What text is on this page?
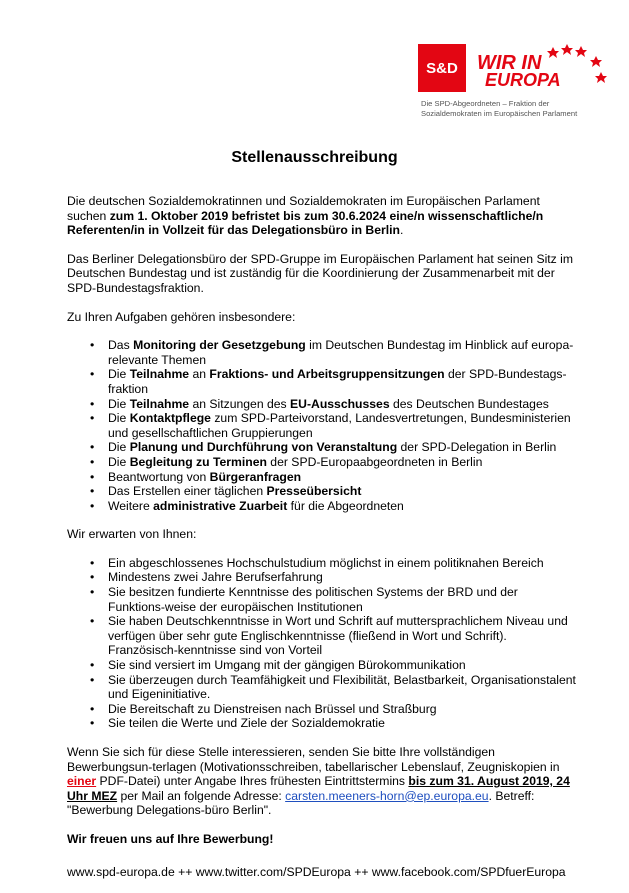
S&D WIR IN
EUROPA
Die SPD-Abgeordneten – Fraktion der
Sozialdemokraten im Europäischen Parlament
Stellenausschreibung

Die deutschen Sozialdemokratinnen und Sozialdemokraten im Europäischen Parlament suchen zum 1. Oktober 2019 befristet bis zum 30.6.2024 eine/n wissenschaftliche/n Referenten/in in Vollzeit für das Delegationsbüro in Berlin.

Das Berliner Delegationsbüro der SPD-Gruppe im Europäischen Parlament hat seinen Sitz im Deutschen Bundestag und ist zuständig für die Koordinierung der Zusammenarbeit mit der SPD-Bundestagsfraktion.

Zu Ihren Aufgaben gehören insbesondere:

• Das Monitoring der Gesetzgebung im Deutschen Bundestag im Hinblick auf europa-relevante Themen
• Die Teilnahme an Fraktions- und Arbeitsgruppensitzungen der SPD-Bundestags-fraktion
• Die Teilnahme an Sitzungen des EU-Ausschusses des Deutschen Bundestages
• Die Kontaktpflege zum SPD-Parteivorstand, Landesvertretungen, Bundesministerien und gesellschaftlichen Gruppierungen
• Die Planung und Durchführung von Veranstaltung der SPD-Delegation in Berlin
• Die Begleitung zu Terminen der SPD-Europaabgeordneten in Berlin
• Beantwortung von Bürgeranfragen
• Das Erstellen einer täglichen Presseübersicht
• Weitere administrative Zuarbeit für die Abgeordneten

Wir erwarten von Ihnen:

• Ein abgeschlossenes Hochschulstudium möglichst in einem politiknahen Bereich
• Mindestens zwei Jahre Berufserfahrung
• Sie besitzen fundierte Kenntnisse des politischen Systems der BRD und der Funktions-weise der europäischen Institutionen
• Sie haben Deutschkenntnisse in Wort und Schrift auf muttersprachlichem Niveau und verfügen über sehr gute Englischkenntnisse (fließend in Wort und Schrift). Französisch-kenntnisse sind von Vorteil
• Sie sind versiert im Umgang mit der gängigen Bürokommunikation
• Sie überzeugen durch Teamfähigkeit und Flexibilität, Belastbarkeit, Organisationstalent und Eigeninitiative.
• Die Bereitschaft zu Dienstreisen nach Brüssel und Straßburg
• Sie teilen die Werte und Ziele der Sozialdemokratie

Wenn Sie sich für diese Stelle interessieren, senden Sie bitte Ihre vollständigen Bewerbungsun-terlagen (Motivationsschreiben, tabellarischer Lebenslauf, Zeugniskopien in einer PDF-Datei) unter Angabe Ihres frühesten Eintrittstermins bis zum 31. August 2019, 24 Uhr MEZ per Mail an folgende Adresse: carsten.meeners-horn@ep.europa.eu. Betreff: "Bewerbung Delegations-büro Berlin".

Wir freuen uns auf Ihre Bewerbung!

www.spd-europa.de ++ www.twitter.com/SPDEuropa ++ www.facebook.com/SPDfuerEuropa
